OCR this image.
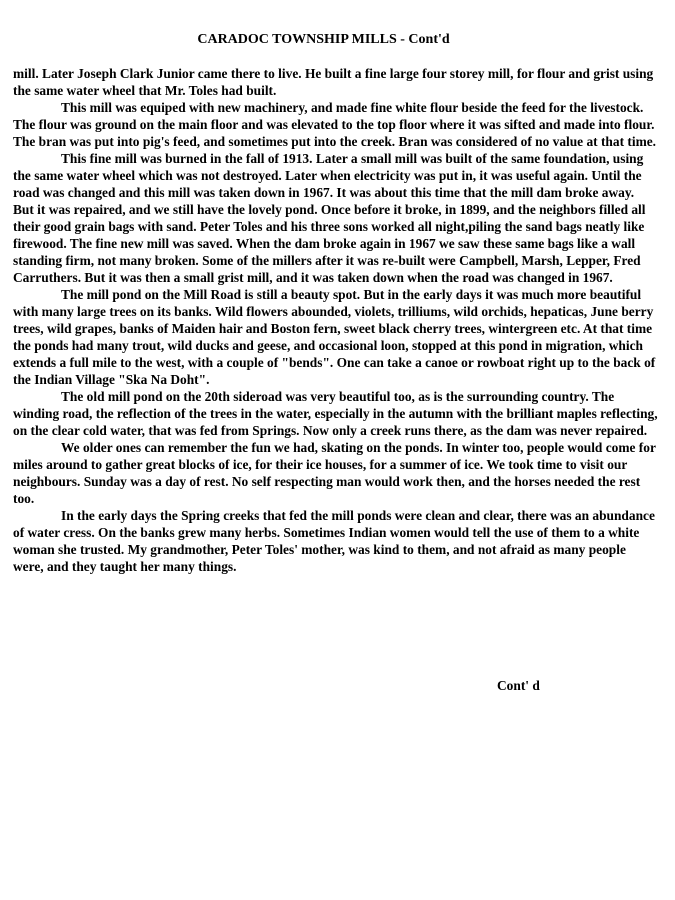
CARADOC TOWNSHIP MILLS - Cont'd

mill. Later Joseph Clark Junior came there to live. He built a fine large four storey mill, for flour and grist using the same water wheel that Mr. Toles had built.

This mill was equiped with new machinery, and made fine white flour beside the feed for the livestock. The flour was ground on the main floor and was elevated to the top floor where it was sifted and made into flour. The bran was put into pig's feed, and sometimes put into the creek. Bran was considered of no value at that time.

This fine mill was burned in the fall of 1913. Later a small mill was built of the same foundation, using the same water wheel which was not destroyed. Later when electricity was put in, it was useful again. Until the road was changed and this mill was taken down in 1967. It was about this time that the mill dam broke away. But it was repaired, and we still have the lovely pond. Once before it broke, in 1899, and the neighbors filled all their good grain bags with sand. Peter Toles and his three sons worked all night,piling the sand bags neatly like firewood. The fine new mill was saved. When the dam broke again in 1967 we saw these same bags like a wall standing firm, not many broken. Some of the millers after it was re-built were Campbell, Marsh, Lepper, Fred Carruthers. But it was then a small grist mill, and it was taken down when the road was changed in 1967.

The mill pond on the Mill Road is still a beauty spot. But in the early days it was much more beautiful with many large trees on its banks. Wild flowers abounded, violets, trilliums, wild orchids, hepaticas, June berry trees, wild grapes, banks of Maiden hair and Boston fern, sweet black cherry trees, wintergreen etc. At that time the ponds had many trout, wild ducks and geese, and occasional loon, stopped at this pond in migration, which extends a full mile to the west, with a couple of "bends". One can take a canoe or rowboat right up to the back of the Indian Village "Ska Na Doht".

The old mill pond on the 20th sideroad was very beautiful too, as is the surrounding country. The winding road, the reflection of the trees in the water, especially in the autumn with the brilliant maples reflecting, on the clear cold water, that was fed from Springs. Now only a creek runs there, as the dam was never repaired.

We older ones can remember the fun we had, skating on the ponds. In winter too, people would come for miles around to gather great blocks of ice, for their ice houses, for a summer of ice. We took time to visit our neighbours. Sunday was a day of rest. No self respecting man would work then, and the horses needed the rest too.

In the early days the Spring creeks that fed the mill ponds were clean and clear, there was an abundance of water cress. On the banks grew many herbs. Sometimes Indian women would tell the use of them to a white woman she trusted. My grandmother, Peter Toles' mother, was kind to them, and not afraid as many people were, and they taught her many things.

Cont' d
